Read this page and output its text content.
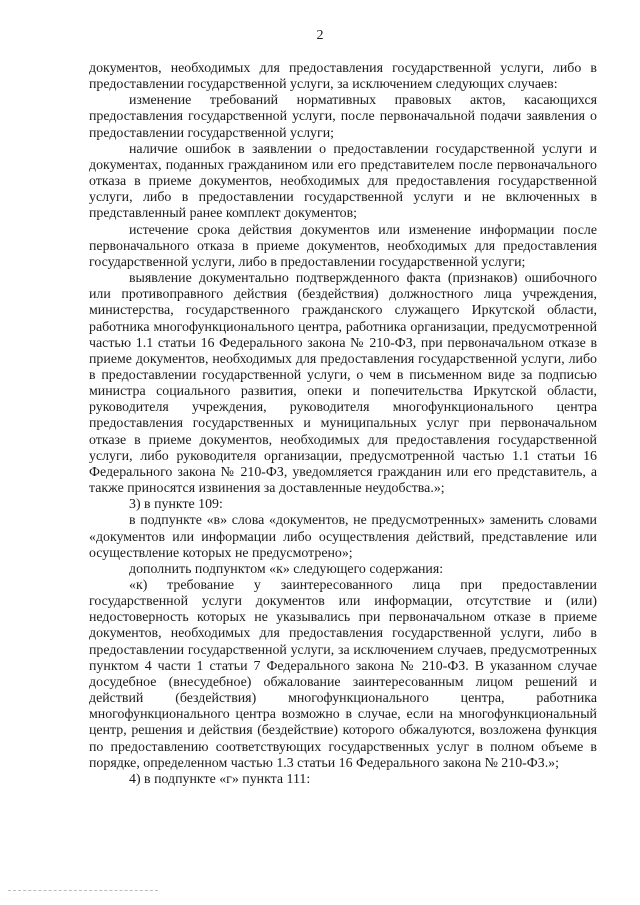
2

документов, необходимых для предоставления государственной услуги, либо в предоставлении государственной услуги, за исключением следующих случаев:

изменение требований нормативных правовых актов, касающихся предоставления государственной услуги, после первоначальной подачи заявления о предоставлении государственной услуги;

наличие ошибок в заявлении о предоставлении государственной услуги и документах, поданных гражданином или его представителем после первоначального отказа в приеме документов, необходимых для предоставления государственной услуги, либо в предоставлении государственной услуги и не включенных в представленный ранее комплект документов;

истечение срока действия документов или изменение информации после первоначального отказа в приеме документов, необходимых для предоставления государственной услуги, либо в предоставлении государственной услуги;

выявление документально подтвержденного факта (признаков) ошибочного или противоправного действия (бездействия) должностного лица учреждения, министерства, государственного гражданского служащего Иркутской области, работника многофункционального центра, работника организации, предусмотренной частью 1.1 статьи 16 Федерального закона № 210-ФЗ, при первоначальном отказе в приеме документов, необходимых для предоставления государственной услуги, либо в предоставлении государственной услуги, о чем в письменном виде за подписью министра социального развития, опеки и попечительства Иркутской области, руководителя учреждения, руководителя многофункционального центра предоставления государственных и муниципальных услуг при первоначальном отказе в приеме документов, необходимых для предоставления государственной услуги, либо руководителя организации, предусмотренной частью 1.1 статьи 16 Федерального закона № 210-ФЗ, уведомляется гражданин или его представитель, а также приносятся извинения за доставленные неудобства.»;

3) в пункте 109:

в подпункте «в» слова «документов, не предусмотренных» заменить словами «документов или информации либо осуществления действий, представление или осуществление которых не предусмотрено»;

дополнить подпунктом «к» следующего содержания:

«к) требование у заинтересованного лица при предоставлении государственной услуги документов или информации, отсутствие и (или) недостоверность которых не указывались при первоначальном отказе в приеме документов, необходимых для предоставления государственной услуги, либо в предоставлении государственной услуги, за исключением случаев, предусмотренных пунктом 4 части 1 статьи 7 Федерального закона № 210-ФЗ. В указанном случае досудебное (внесудебное) обжалование заинтересованным лицом решений и действий (бездействия) многофункционального центра, работника многофункционального центра возможно в случае, если на многофункциональный центр, решения и действия (бездействие) которого обжалуются, возложена функция по предоставлению соответствующих государственных услуг в полном объеме в порядке, определенном частью 1.3 статьи 16 Федерального закона № 210-ФЗ.»;

4) в подпункте «г» пункта 111:
